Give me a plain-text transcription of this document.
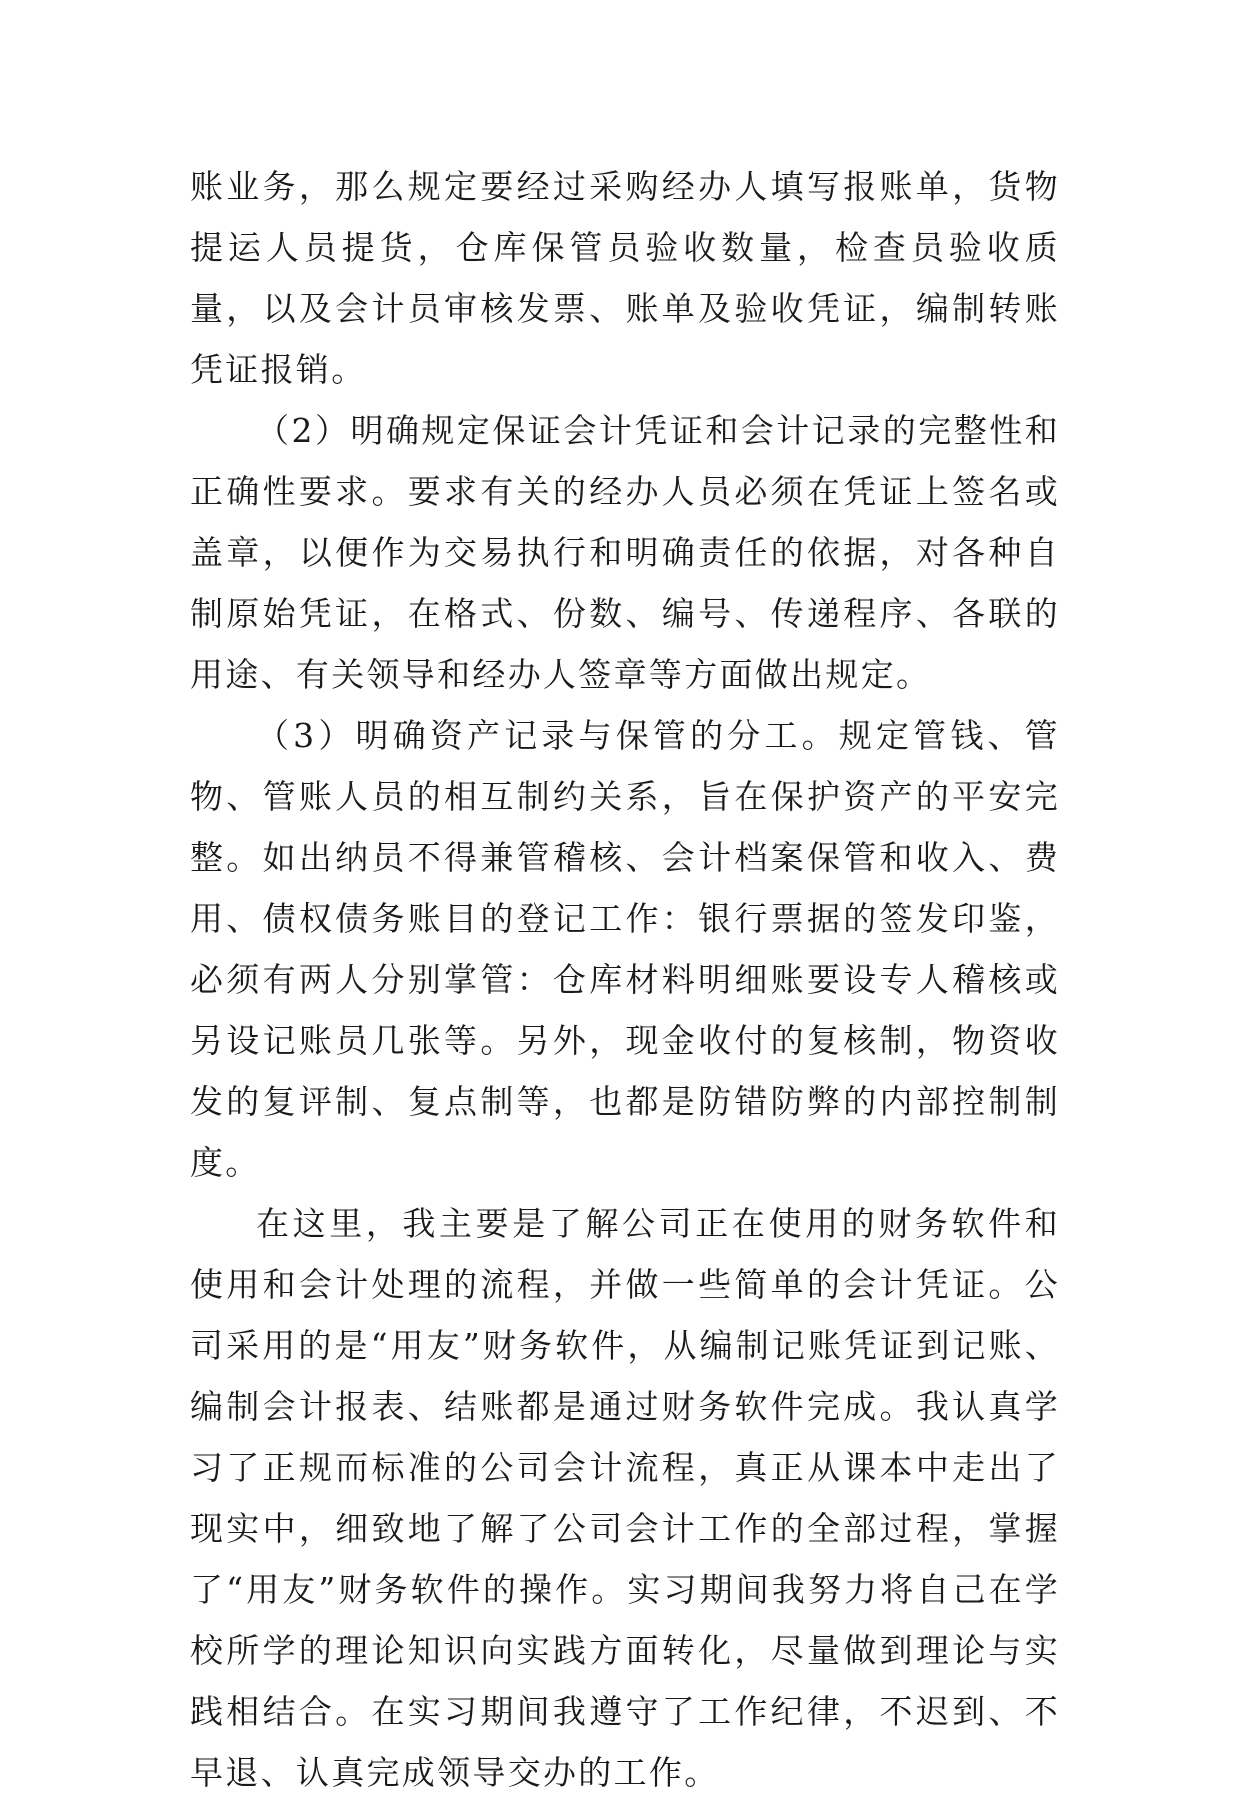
账业务，那么规定要经过采购经办人填写报账单，货物提运人员提货，仓库保管员验收数量，检查员验收质量，以及会计员审核发票、账单及验收凭证，编制转账凭证报销。

（2）明确规定保证会计凭证和会计记录的完整性和正确性要求。要求有关的经办人员必须在凭证上签名或盖章，以便作为交易执行和明确责任的依据，对各种自制原始凭证，在格式、份数、编号、传递程序、各联的用途、有关领导和经办人签章等方面做出规定。

（3）明确资产记录与保管的分工。规定管钱、管物、管账人员的相互制约关系，旨在保护资产的平安完整。如出纳员不得兼管稽核、会计档案保管和收入、费用、债权债务账目的登记工作：银行票据的签发印鉴，必须有两人分别掌管：仓库材料明细账要设专人稽核或另设记账员几张等。另外，现金收付的复核制，物资收发的复评制、复点制等，也都是防错防弊的内部控制制度。

在这里，我主要是了解公司正在使用的财务软件和使用和会计处理的流程，并做一些简单的会计凭证。公司采用的是“用友”财务软件，从编制记账凭证到记账、编制会计报表、结账都是通过财务软件完成。我认真学习了正规而标准的公司会计流程，真正从课本中走出了现实中，细致地了解了公司会计工作的全部过程，掌握了“用友”财务软件的操作。实习期间我努力将自己在学校所学的理论知识向实践方面转化，尽量做到理论与实践相结合。在实习期间我遵守了工作纪律，不迟到、不早退、认真完成领导交办的工作。
